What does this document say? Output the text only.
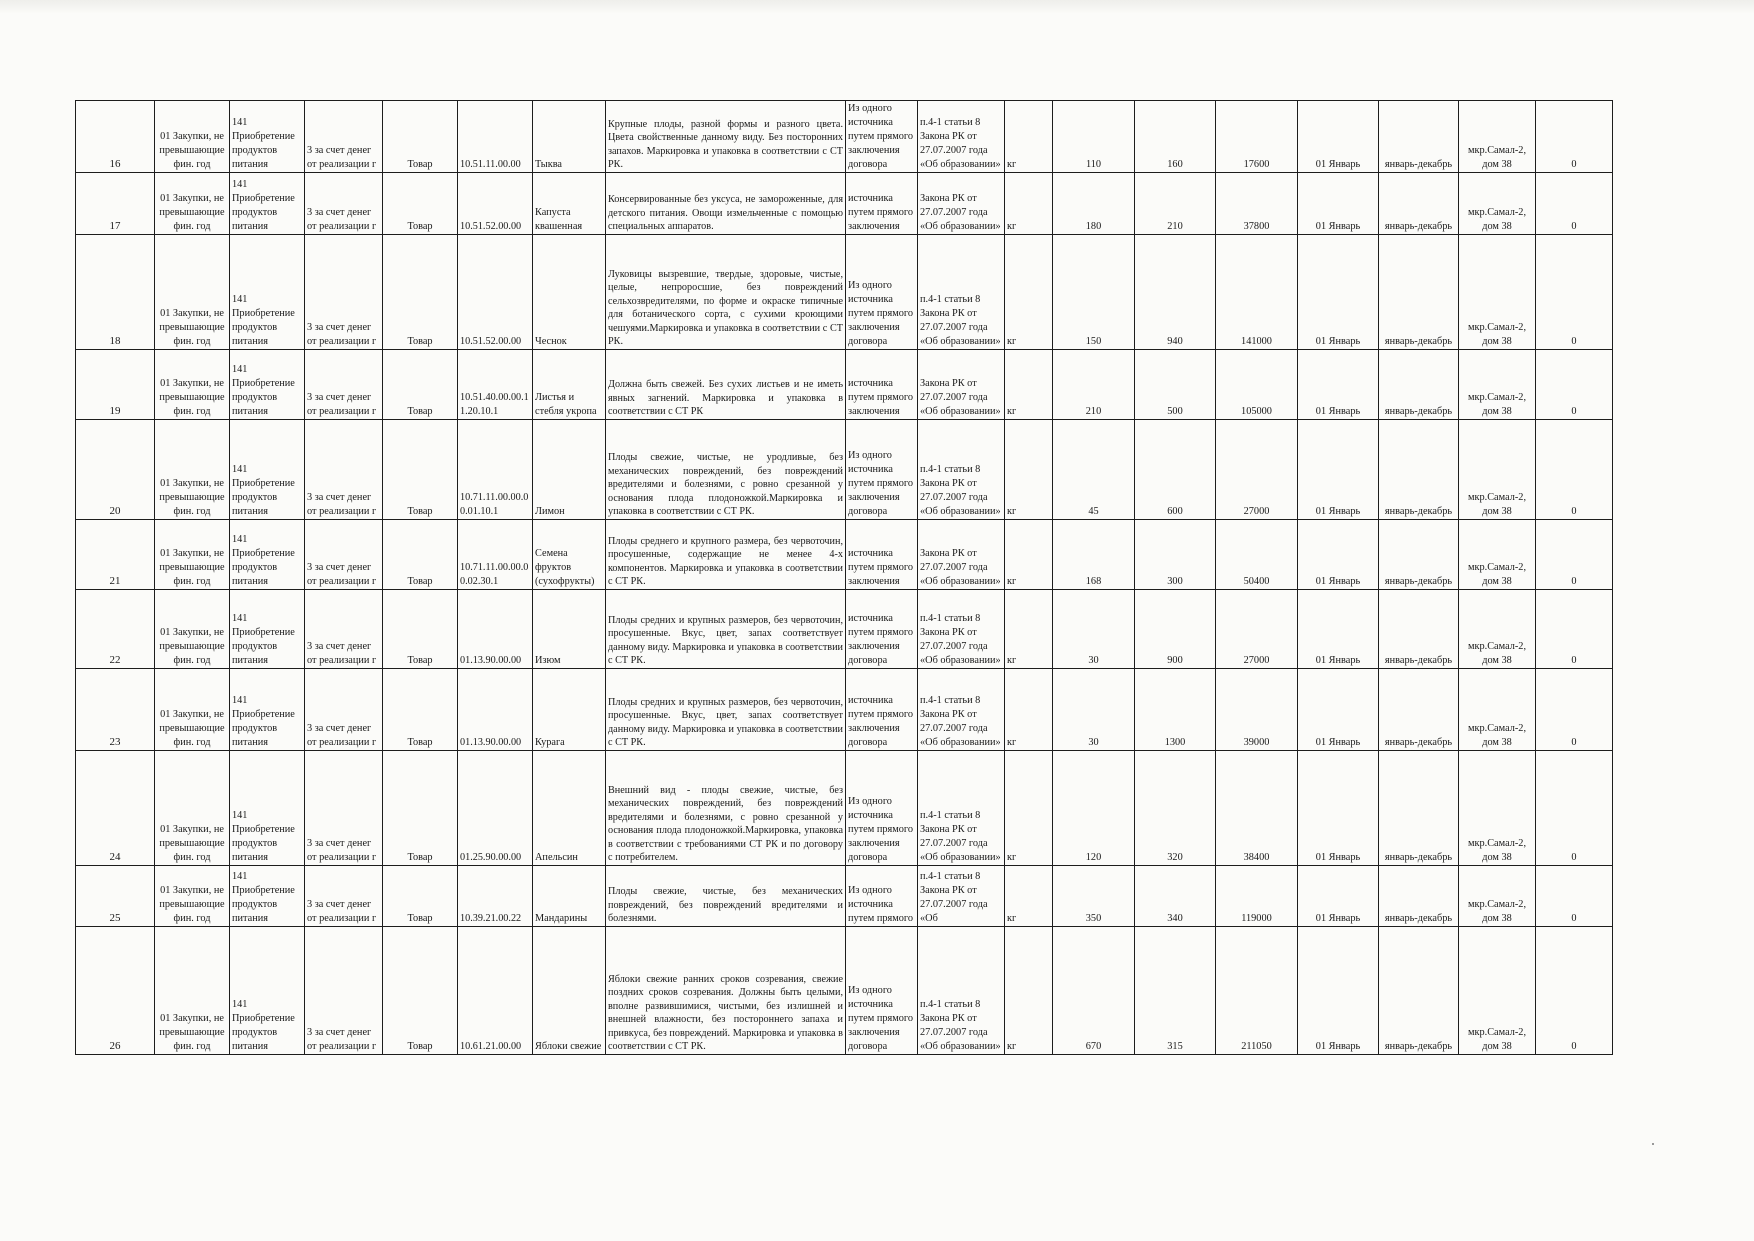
16	01 Закупки, не превышающие фин. год	141 Приобретение продуктов питания	3 за счет денег от реализации г	Товар	10.51.11.00.00	Тыква	Крупные плоды, разной формы и разного цвета. Цвета свойственные данному виду. Без посторонних запахов. Маркировка и упаковка в соответствии с СТ РК.	Из одного источника путем прямого заключения договора	п.4-1 статьи 8 Закона РК от 27.07.2007 года «Об образовании»	кг	110	160	17600	01 Январь	январь-декабрь	мкр.Самал-2, дом 38	0
17	01 Закупки, не превышающие фин. год	141 Приобретение продуктов питания	3 за счет денег от реализации г	Товар	10.51.52.00.00	Капуста квашенная	Консервированные без уксуса, не замороженные, для детского питания. Овощи измельченные с помощью специальных аппаратов.	источника путем прямого заключения	Закона РК от 27.07.2007 года «Об образовании»	кг	180	210	37800	01 Январь	январь-декабрь	мкр.Самал-2, дом 38	0
18	01 Закупки, не превышающие фин. год	141 Приобретение продуктов питания	3 за счет денег от реализации г	Товар	10.51.52.00.00	Чеснок	Луковицы вызревшие, твердые, здоровые, чистые, целые, непроросшие, без повреждений сельхозвредителями, по форме и окраске типичные для ботанического сорта, с сухими кроющими чешуями.Маркировка и упаковка в соответствии с СТ РК.	Из одного источника путем прямого заключения договора	п.4-1 статьи 8 Закона РК от 27.07.2007 года «Об образовании»	кг	150	940	141000	01 Январь	январь-декабрь	мкр.Самал-2, дом 38	0
19	01 Закупки, не превышающие фин. год	141 Приобретение продуктов питания	3 за счет денег от реализации г	Товар	10.51.40.00.00.11.20.10.1	Листья и стебля укропа	Должна быть свежей. Без сухих листьев и не иметь явных загнений. Маркировка и упаковка в соответствии с СТ РК	источника путем прямого заключения	Закона РК от 27.07.2007 года «Об образовании»	кг	210	500	105000	01 Январь	январь-декабрь	мкр.Самал-2, дом 38	0
20	01 Закупки, не превышающие фин. год	141 Приобретение продуктов питания	3 за счет денег от реализации г	Товар	10.71.11.00.00.00.01.10.1	Лимон	Плоды свежие, чистые, не уродливые, без механических повреждений, без повреждений вредителями и болезнями, с ровно срезанной у основания плода плодоножкой.Маркировка и упаковка в соответствии с СТ РК.	Из одного источника путем прямого заключения договора	п.4-1 статьи 8 Закона РК от 27.07.2007 года «Об образовании»	кг	45	600	27000	01 Январь	январь-декабрь	мкр.Самал-2, дом 38	0
21	01 Закупки, не превышающие фин. год	141 Приобретение продуктов питания	3 за счет денег от реализации г	Товар	10.71.11.00.00.00.02.30.1	Семена фруктов (сухофрукты)	Плоды среднего и крупного размера, без червоточин, просушенные, содержащие не менее 4-х компонентов. Маркировка и упаковка в соответствии с СТ РК.	источника путем прямого заключения	Закона РК от 27.07.2007 года «Об образовании»	кг	168	300	50400	01 Январь	январь-декабрь	мкр.Самал-2, дом 38	0
22	01 Закупки, не превышающие фин. год	141 Приобретение продуктов питания	3 за счет денег от реализации г	Товар	01.13.90.00.00	Изюм	Плоды средних и крупных размеров, без червоточин, просушенные. Вкус, цвет, запах соответствует данному виду. Маркировка и упаковка в соответствии с СТ РК.	источника путем прямого заключения договора	п.4-1 статьи 8 Закона РК от 27.07.2007 года «Об образовании»	кг	30	900	27000	01 Январь	январь-декабрь	мкр.Самал-2, дом 38	0
23	01 Закупки, не превышающие фин. год	141 Приобретение продуктов питания	3 за счет денег от реализации г	Товар	01.13.90.00.00	Курага	Плоды средних и крупных размеров, без червоточин, просушенные. Вкус, цвет, запах соответствует данному виду. Маркировка и упаковка в соответствии с СТ РК.	источника путем прямого заключения договора	п.4-1 статьи 8 Закона РК от 27.07.2007 года «Об образовании»	кг	30	1300	39000	01 Январь	январь-декабрь	мкр.Самал-2, дом 38	0
24	01 Закупки, не превышающие фин. год	141 Приобретение продуктов питания	3 за счет денег от реализации г	Товар	01.25.90.00.00	Апельсин	Внешний вид - плоды свежие, чистые, без механических повреждений, без повреждений вредителями и болезнями, с ровно срезанной у основания плода плодоножкой.Маркировка, упаковка в соответствии с требованиями СТ РК и по договору с потребителем.	Из одного источника путем прямого заключения договора	п.4-1 статьи 8 Закона РК от 27.07.2007 года «Об образовании»	кг	120	320	38400	01 Январь	январь-декабрь	мкр.Самал-2, дом 38	0
25	01 Закупки, не превышающие фин. год	141 Приобретение продуктов питания	3 за счет денег от реализации г	Товар	10.39.21.00.22	Мандарины	Плоды свежие, чистые, без механических повреждений, без повреждений вредителями и болезнями.	Из одного источника путем прямого	п.4-1 статьи 8 Закона РК от 27.07.2007 года «Об	кг	350	340	119000	01 Январь	январь-декабрь	мкр.Самал-2, дом 38	0
26	01 Закупки, не превышающие фин. год	141 Приобретение продуктов питания	3 за счет денег от реализации г	Товар	10.61.21.00.00	Яблоки свежие	Яблоки свежие ранних сроков созревания, свежие поздних сроков созревания. Должны быть целыми, вполне развившимися, чистыми, без излишней и внешней влажности, без постороннего запаха и привкуса, без повреждений. Маркировка и упаковка в соответствии с СТ РК.	Из одного источника путем прямого заключения договора	п.4-1 статьи 8 Закона РК от 27.07.2007 года «Об образовании»	кг	670	315	211050	01 Январь	январь-декабрь	мкр.Самал-2, дом 38	0
